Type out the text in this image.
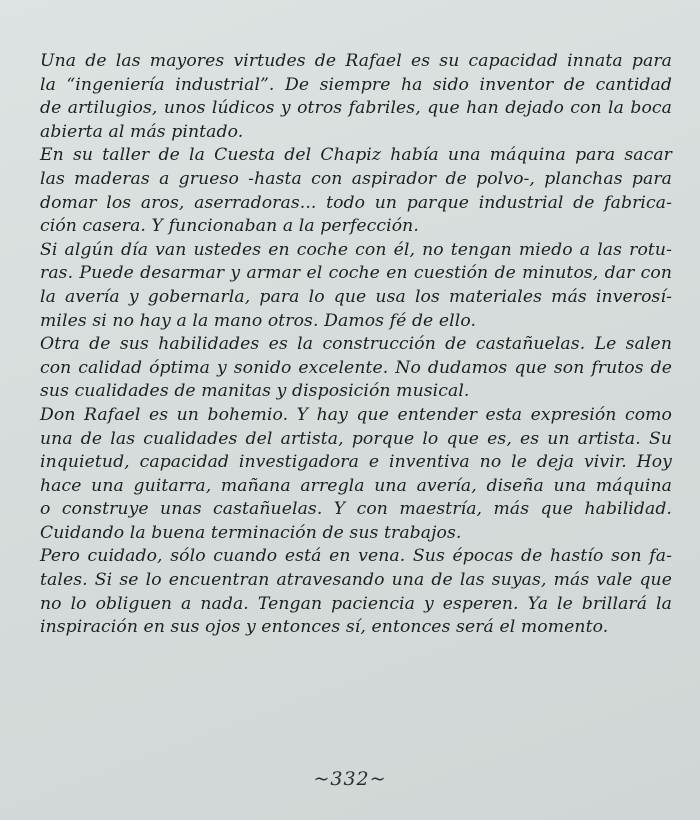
Una de las mayores virtudes de Rafael es su capacidad innata para
la “ingeniería industrial”. De siempre ha sido inventor de cantidad
de artilugios, unos lúdicos y otros fabriles, que han dejado con la boca
abierta al más pintado.

En su taller de la Cuesta del Chapiz había una máquina para sacar
las maderas a grueso -hasta con aspirador de polvo-, planchas para
domar los aros, aserradoras... todo un parque industrial de fabrica-
ción casera. Y funcionaban a la perfección.

Si algún día van ustedes en coche con él, no tengan miedo a las rotu-
ras. Puede desarmar y armar el coche en cuestión de minutos, dar con
la avería y gobernarla, para lo que usa los materiales más inverosí-
miles si no hay a la mano otros. Damos fé de ello.

Otra de sus habilidades es la construcción de castañuelas. Le salen
con calidad óptima y sonido excelente. No dudamos que son frutos de
sus cualidades de manitas y disposición musical.

Don Rafael es un bohemio. Y hay que entender esta expresión como
una de las cualidades del artista, porque lo que es, es un artista. Su
inquietud, capacidad investigadora e inventiva no le deja vivir. Hoy
hace una guitarra, mañana arregla una avería, diseña una máquina
o construye unas castañuelas. Y con maestría, más que habilidad.
Cuidando la buena terminación de sus trabajos.

Pero cuidado, sólo cuando está en vena. Sus épocas de hastío son fa-
tales. Si se lo encuentran atravesando una de las suyas, más vale que
no lo obliguen a nada. Tengan paciencia y esperen. Ya le brillará la
inspiración en sus ojos y entonces sí, entonces será el momento.

~332~
